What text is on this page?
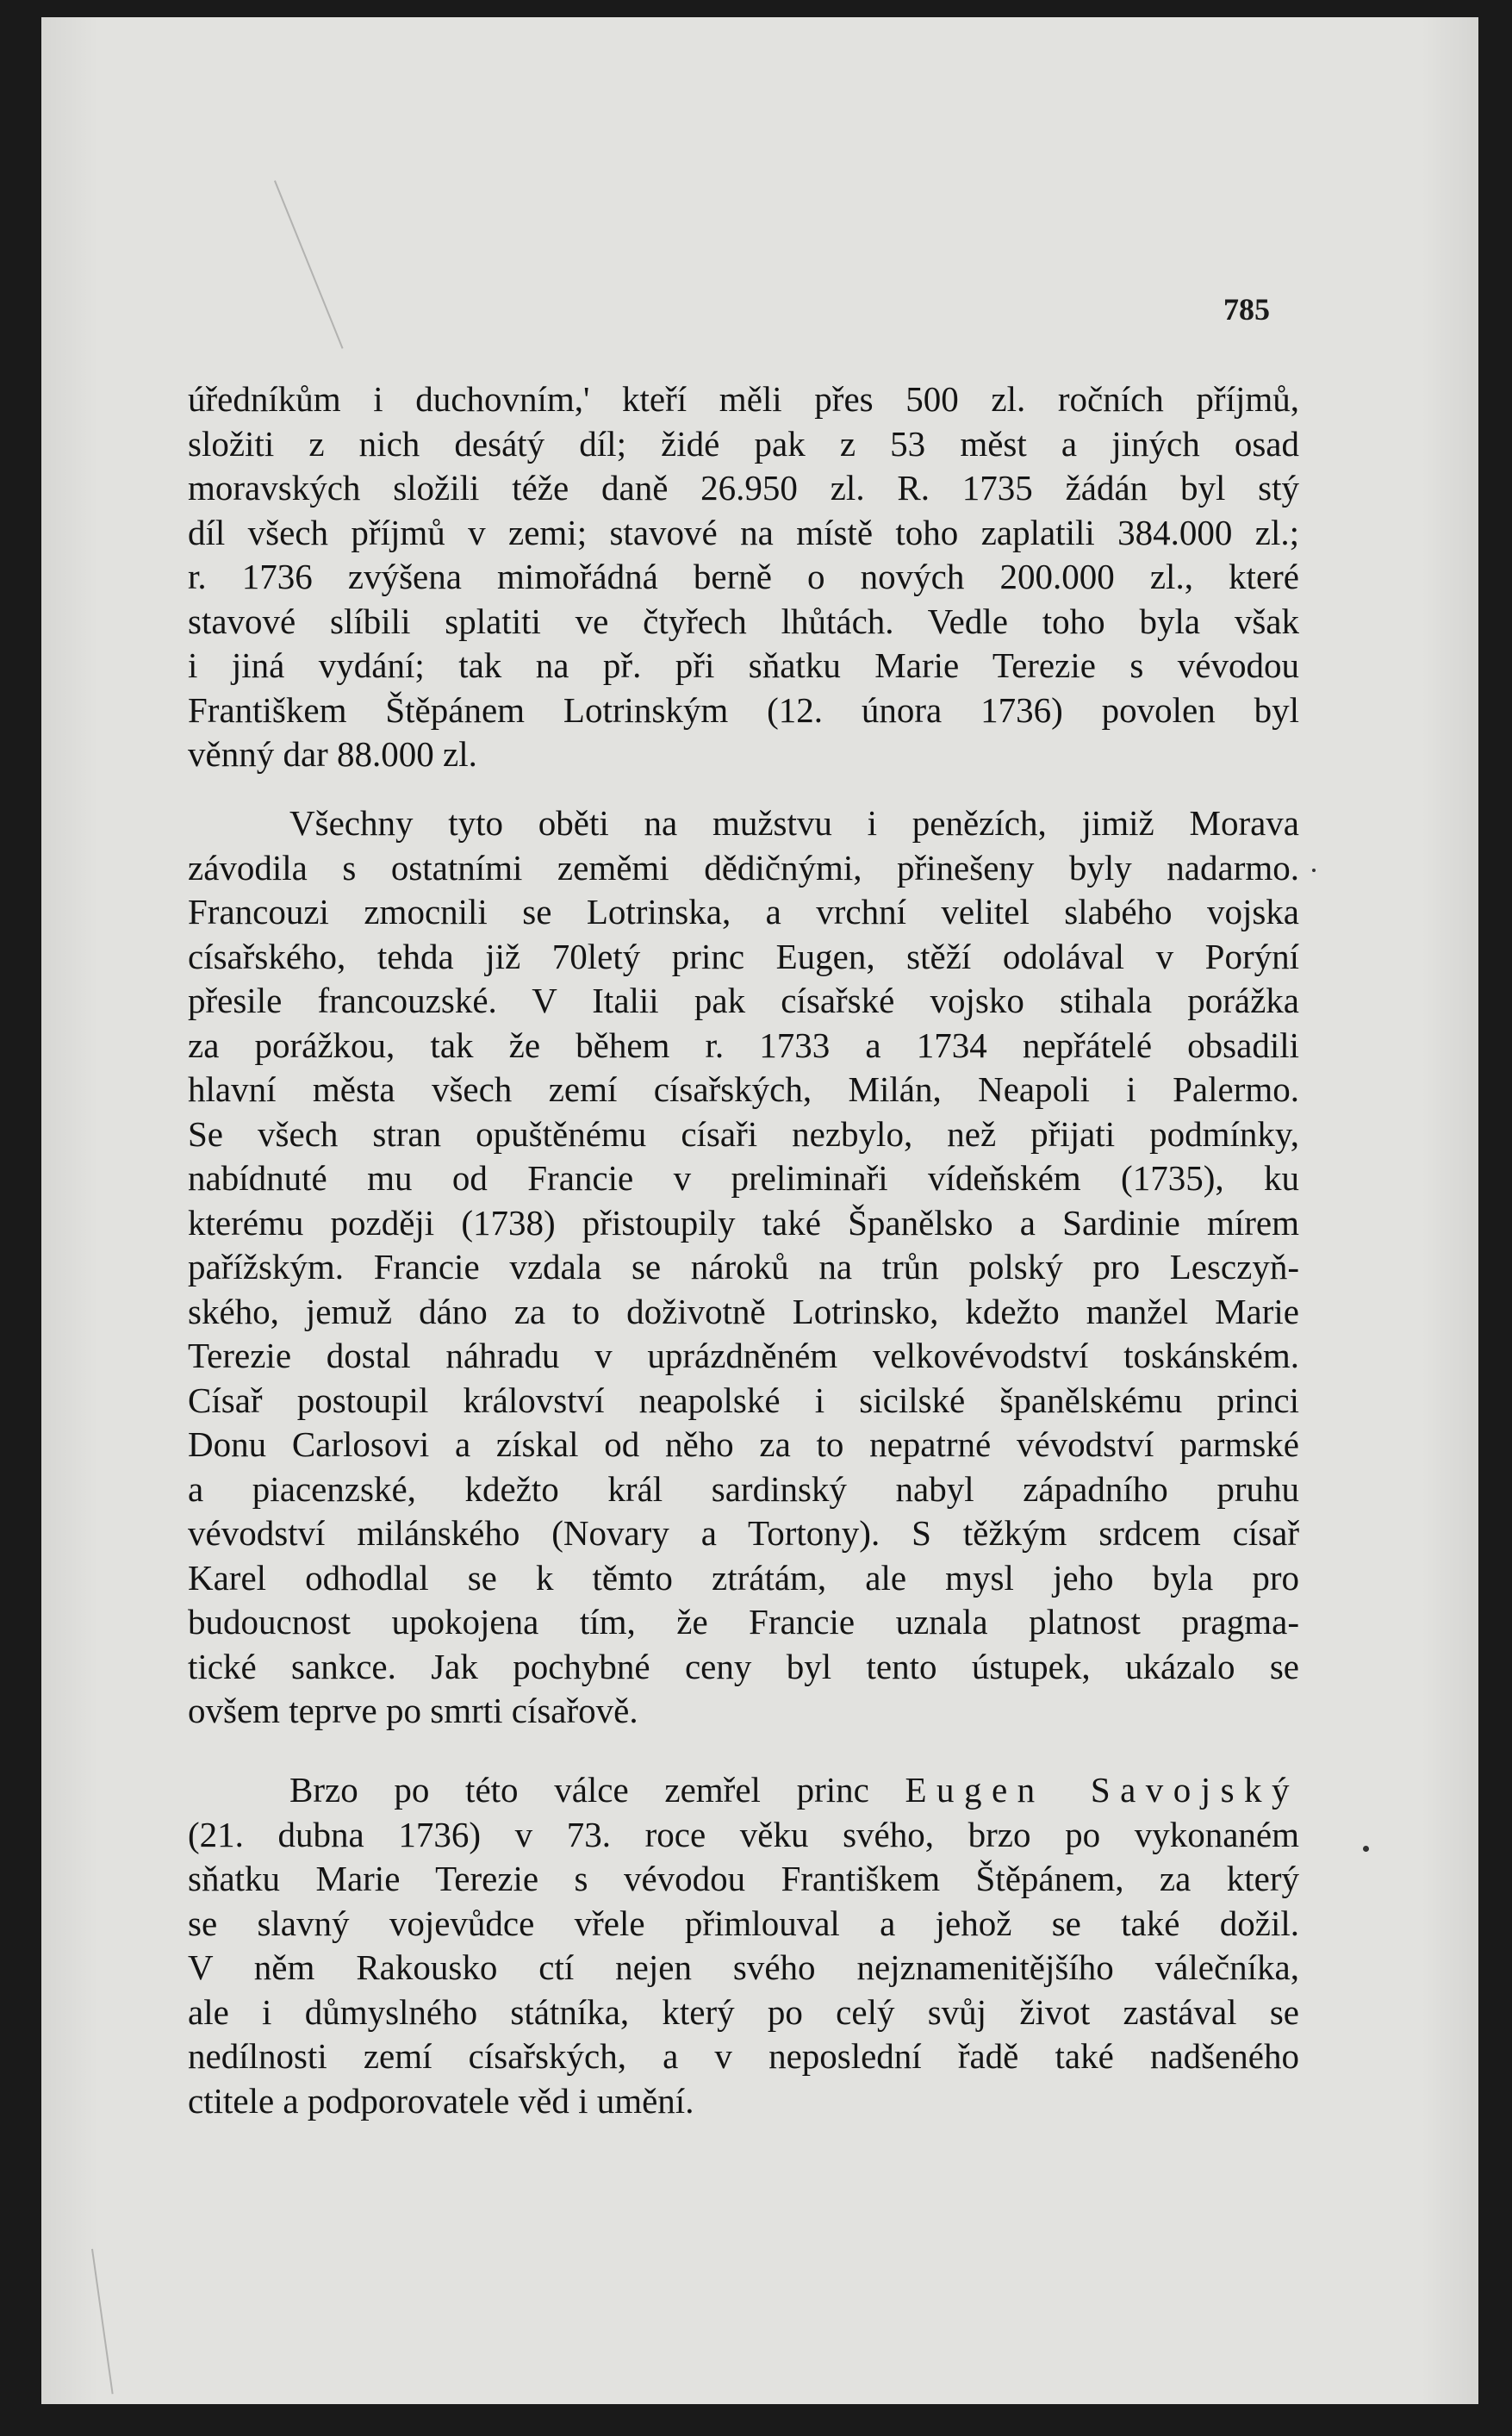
785
úředníkům i duchovním,' kteří měli přes 500 zl. ročních příjmů,
složiti z nich desátý díl; židé pak z 53 měst a jiných osad
moravských složili téže daně 26.950 zl. R. 1735 žádán byl stý
díl všech příjmů v zemi; stavové na místě toho zaplatili 384.000 zl.;
r. 1736 zvýšena mimořádná berně o nových 200.000 zl., které
stavové slíbili splatiti ve čtyřech lhůtách. Vedle toho byla však
i jiná vydání; tak na př. při sňatku Marie Terezie s vévodou
Františkem Štěpánem Lotrinským (12. února 1736) povolen byl
věnný dar 88.000 zl.
Všechny tyto oběti na mužstvu i penězích, jimiž Morava
závodila s ostatními zeměmi dědičnými, přinešeny byly nadarmo.
Francouzi zmocnili se Lotrinska, a vrchní velitel slabého vojska
císařského, tehda již 70letý princ Eugen, stěží odolával v Porýní
přesile francouzské. V Italii pak císařské vojsko stihala porážka
za porážkou, tak že během r. 1733 a 1734 nepřátelé obsadili
hlavní města všech zemí císařských, Milán, Neapoli i Palermo.
Se všech stran opuštěnému císaři nezbylo, než přijati podmínky,
nabídnuté mu od Francie v preliminaři vídeňském (1735), ku
kterému později (1738) přistoupily také Španělsko a Sardinie mírem
pařížským. Francie vzdala se nároků na trůn polský pro Lesczyň-
ského, jemuž dáno za to doživotně Lotrinsko, kdežto manžel Marie
Terezie dostal náhradu v uprázdněném velkovévodství toskánském.
Císař postoupil království neapolské i sicilské španělskému princi
Donu Carlosovi a získal od něho za to nepatrné vévodství parmské
a piacenzské, kdežto král sardinský nabyl západního pruhu
vévodství milánského (Novary a Tortony). S těžkým srdcem císař
Karel odhodlal se k těmto ztrátám, ale mysl jeho byla pro
budoucnost upokojena tím, že Francie uznala platnost pragma-
tické sankce. Jak pochybné ceny byl tento ústupek, ukázalo se
ovšem teprve po smrti císařově.
Brzo po této válce zemřel princ Eugen Savojský
(21. dubna 1736) v 73. roce věku svého, brzo po vykonaném
sňatku Marie Terezie s vévodou Františkem Štěpánem, za který
se slavný vojevůdce vřele přimlouval a jehož se také dožil.
V něm Rakousko ctí nejen svého nejznamenitějšího válečníka,
ale i důmyslného státníka, který po celý svůj život zastával se
nedílnosti zemí císařských, a v neposlední řadě také nadšeného
ctitele a podporovatele věd i umění.
